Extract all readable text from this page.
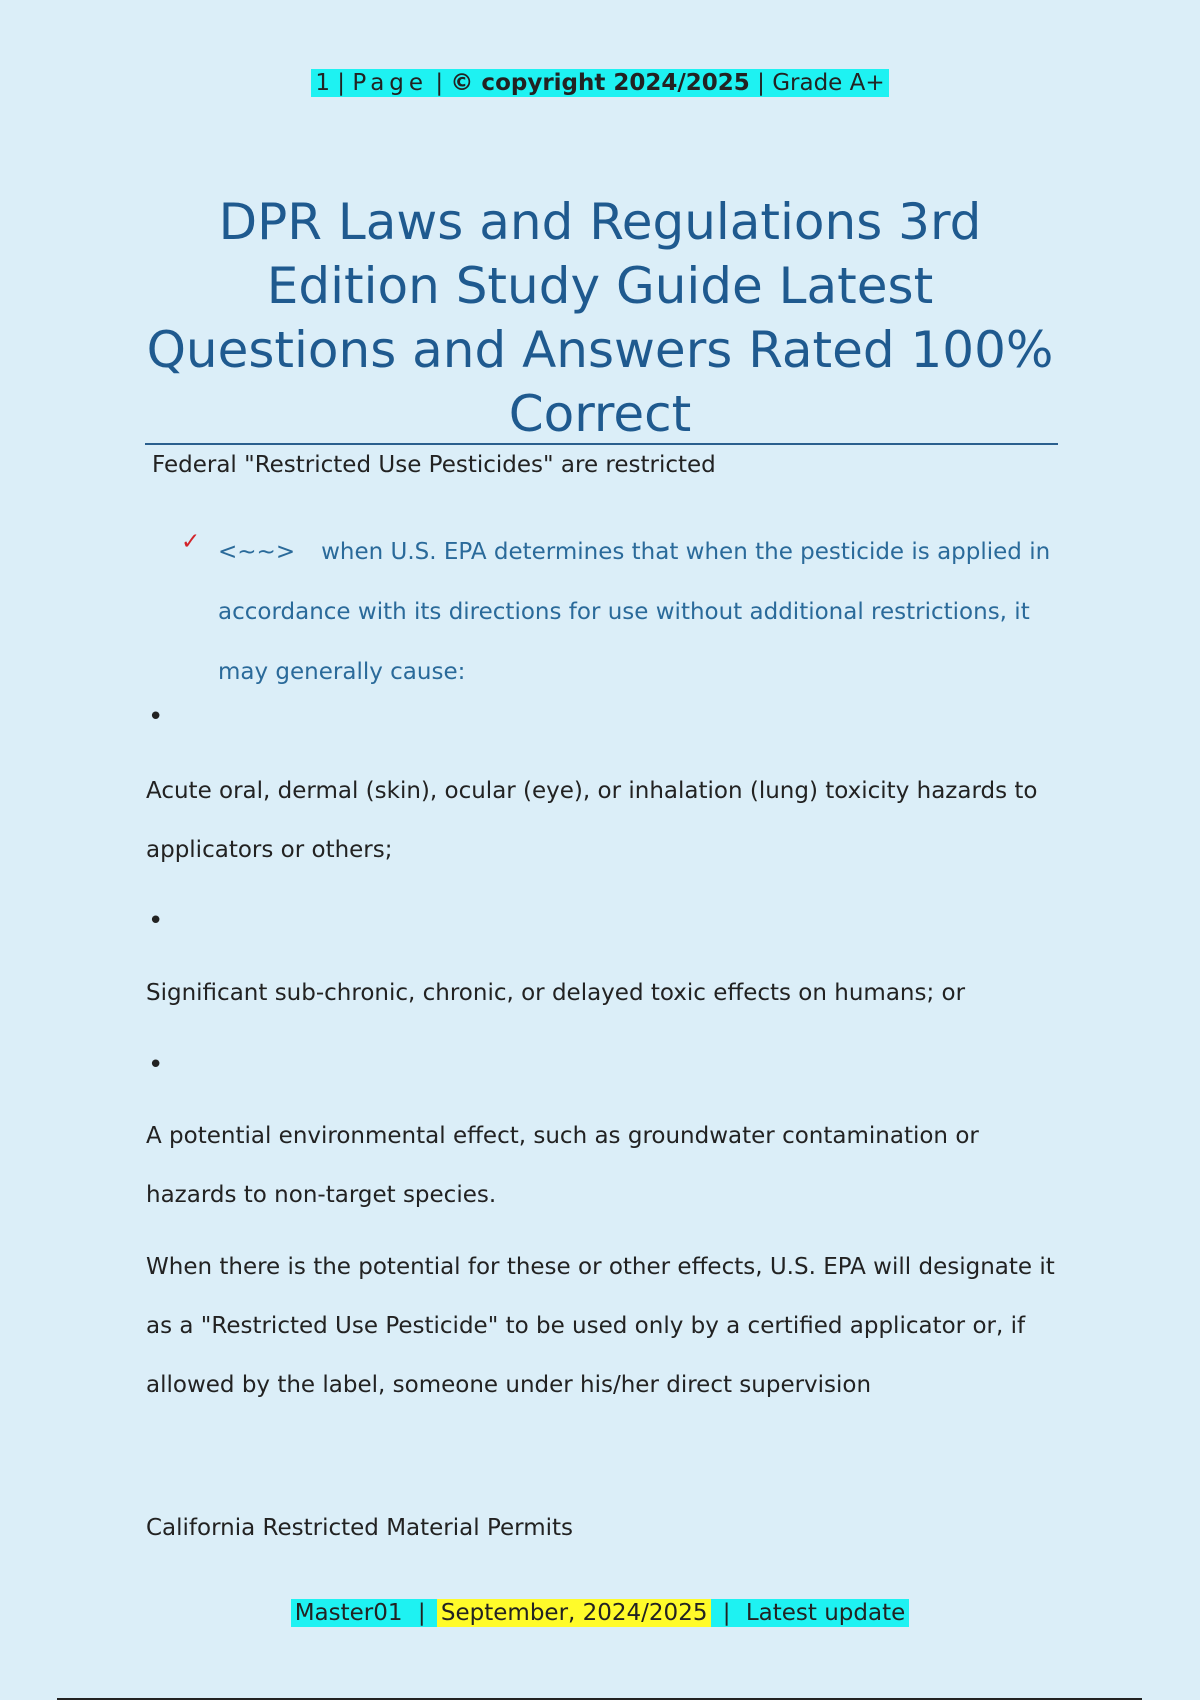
1 | Page | © copyright 2024/2025 | Grade A+
DPR Laws and Regulations 3rd Edition Study Guide Latest Questions and Answers Rated 100% Correct
Federal "Restricted Use Pesticides" are restricted
✓ <~~> when U.S. EPA determines that when the pesticide is applied in accordance with its directions for use without additional restrictions, it may generally cause:
•
Acute oral, dermal (skin), ocular (eye), or inhalation (lung) toxicity hazards to applicators or others;
•
Significant sub-chronic, chronic, or delayed toxic effects on humans; or
•
A potential environmental effect, such as groundwater contamination or hazards to non-target species.
When there is the potential for these or other effects, U.S. EPA will designate it as a "Restricted Use Pesticide" to be used only by a certified applicator or, if allowed by the label, someone under his/her direct supervision
California Restricted Material Permits
Master01 | September, 2024/2025 | Latest update
